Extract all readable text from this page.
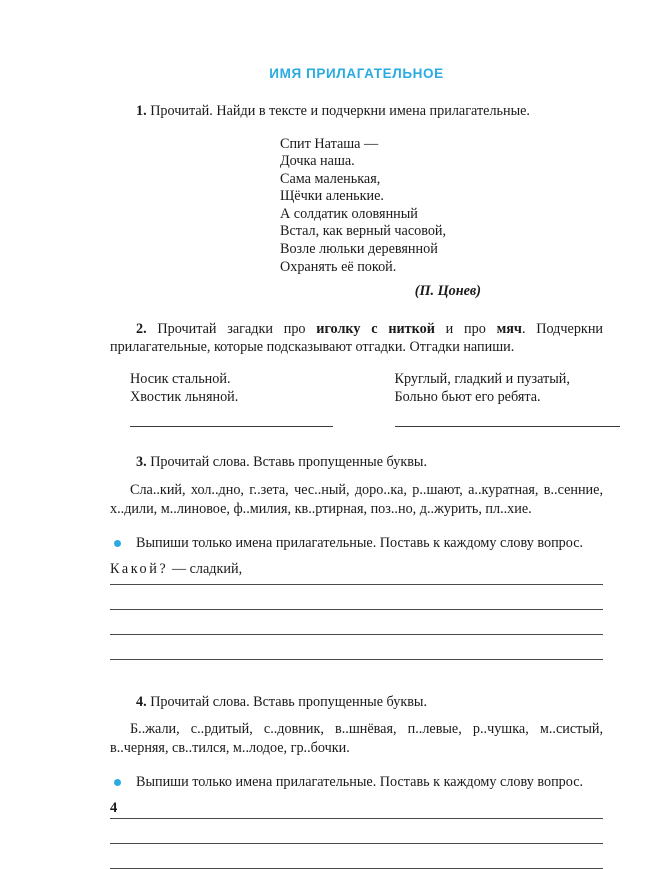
ИМЯ ПРИЛАГАТЕЛЬНОЕ

1. Прочитай. Найди в тексте и подчеркни имена прилагательные.

Спит Наташа —
Дочка наша.
Сама маленькая,
Щёчки аленькие.
А солдатик оловянный
Встал, как верный часовой,
Возле люльки деревянной
Охранять её покой.
(П. Цонев)

2. Прочитай загадки про иголку с ниткой и про мяч. Подчеркни прилагательные, которые подсказывают отгадки. Отгадки напиши.

Носик стальной.
Хвостик льняной.
Круглый, гладкий и пузатый,
Больно бьют его ребята.

3. Прочитай слова. Вставь пропущенные буквы.

Сла..кий, хол..дно, г..зета, чес..ный, доро..ка, р..шают, а..куратная, в..сенние, х..дили, м..линовое, ф..милия, кв..ртирная, поз..но, д..журить, пл..хие.

Выпиши только имена прилагательные. Поставь к каждому слову вопрос.

Какой? — сладкий,

4. Прочитай слова. Вставь пропущенные буквы.

Б..жали, с..рдитый, с..довник, в..шнёвая, п..левые, р..чушка, м..систый, в..черняя, св..тился, м..лодое, гр..бочки.

Выпиши только имена прилагательные. Поставь к каждому слову вопрос.

4
